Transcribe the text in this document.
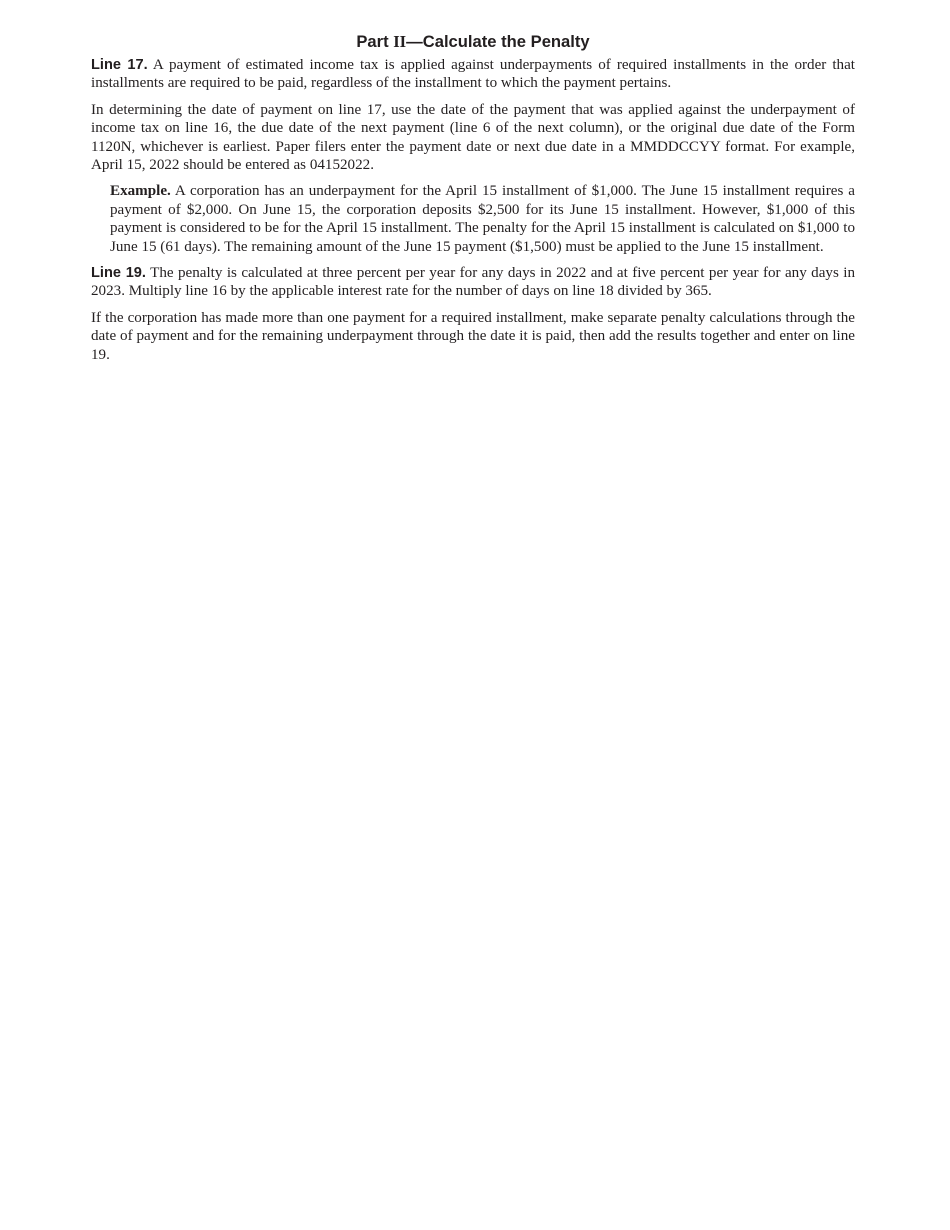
Part II—Calculate the Penalty

Line 17. A payment of estimated income tax is applied against underpayments of required installments in the order that installments are required to be paid, regardless of the installment to which the payment pertains.

In determining the date of payment on line 17, use the date of the payment that was applied against the underpayment of income tax on line 16, the due date of the next payment (line 6 of the next column), or the original due date of the Form 1120N, whichever is earliest. Paper filers enter the payment date or next due date in a MMDDCCYY format. For example, April 15, 2022 should be entered as 04152022.

Example. A corporation has an underpayment for the April 15 installment of $1,000. The June 15 installment requires a payment of $2,000. On June 15, the corporation deposits $2,500 for its June 15 installment. However, $1,000 of this payment is considered to be for the April 15 installment. The penalty for the April 15 installment is calculated on $1,000 to June 15 (61 days). The remaining amount of the June 15 payment ($1,500) must be applied to the June 15 installment.

Line 19. The penalty is calculated at three percent per year for any days in 2022 and at five percent per year for any days in 2023. Multiply line 16 by the applicable interest rate for the number of days on line 18 divided by 365.

If the corporation has made more than one payment for a required installment, make separate penalty calculations through the date of payment and for the remaining underpayment through the date it is paid, then add the results together and enter on line 19.
